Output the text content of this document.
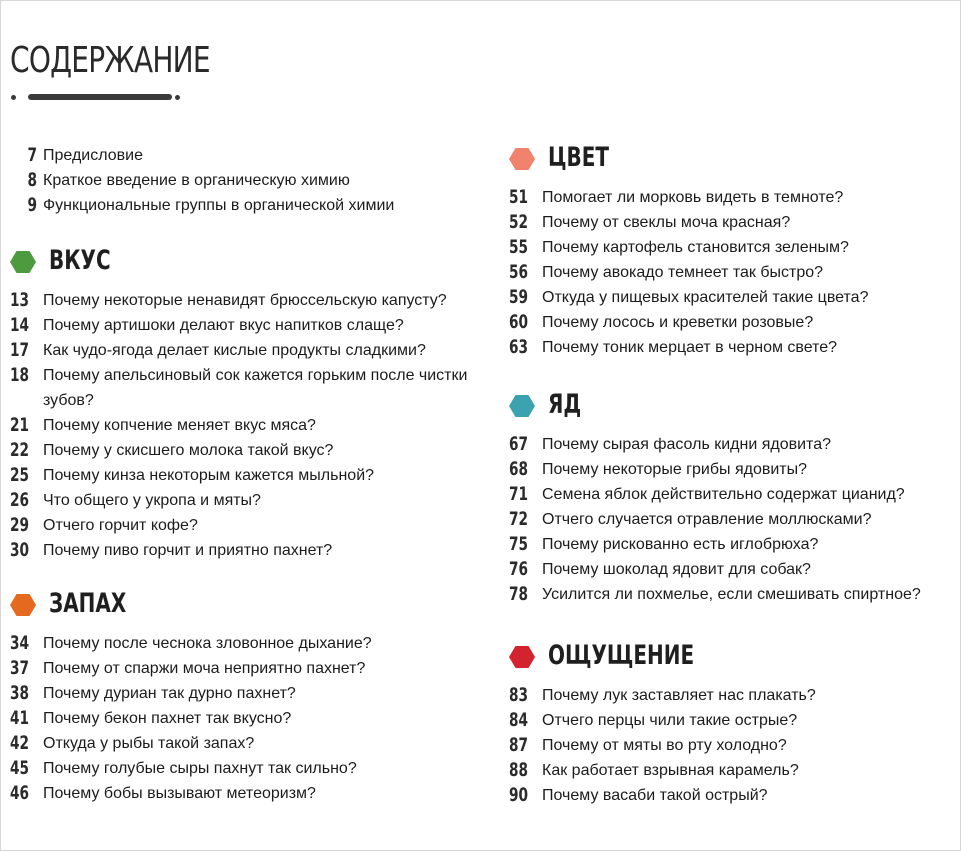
СОДЕРЖАНИЕ
7 Предисловие
8 Краткое введение в органическую химию
9 Функциональные группы в органической химии
ВКУС
13 Почему некоторые ненавидят брюссельскую капусту?
14 Почему артишоки делают вкус напитков слаще?
17 Как чудо-ягода делает кислые продукты сладкими?
18 Почему апельсиновый сок кажется горьким после чистки зубов?
21 Почему копчение меняет вкус мяса?
22 Почему у скисшего молока такой вкус?
25 Почему кинза некоторым кажется мыльной?
26 Что общего у укропа и мяты?
29 Отчего горчит кофе?
30 Почему пиво горчит и приятно пахнет?
ЗАПАХ
34 Почему после чеснока зловонное дыхание?
37 Почему от спаржи моча неприятно пахнет?
38 Почему дуриан так дурно пахнет?
41 Почему бекон пахнет так вкусно?
42 Откуда у рыбы такой запах?
45 Почему голубые сыры пахнут так сильно?
46 Почему бобы вызывают метеоризм?
ЦВЕТ
51 Помогает ли морковь видеть в темноте?
52 Почему от свеклы моча красная?
55 Почему картофель становится зеленым?
56 Почему авокадо темнеет так быстро?
59 Откуда у пищевых красителей такие цвета?
60 Почему лосось и креветки розовые?
63 Почему тоник мерцает в черном свете?
ЯД
67 Почему сырая фасоль кидни ядовита?
68 Почему некоторые грибы ядовиты?
71 Семена яблок действительно содержат цианид?
72 Отчего случается отравление моллюсками?
75 Почему рискованно есть иглобрюха?
76 Почему шоколад ядовит для собак?
78 Усилится ли похмелье, если смешивать спиртное?
ОЩУЩЕНИЕ
83 Почему лук заставляет нас плакать?
84 Отчего перцы чили такие острые?
87 Почему от мяты во рту холодно?
88 Как работает взрывная карамель?
90 Почему васаби такой острый?
